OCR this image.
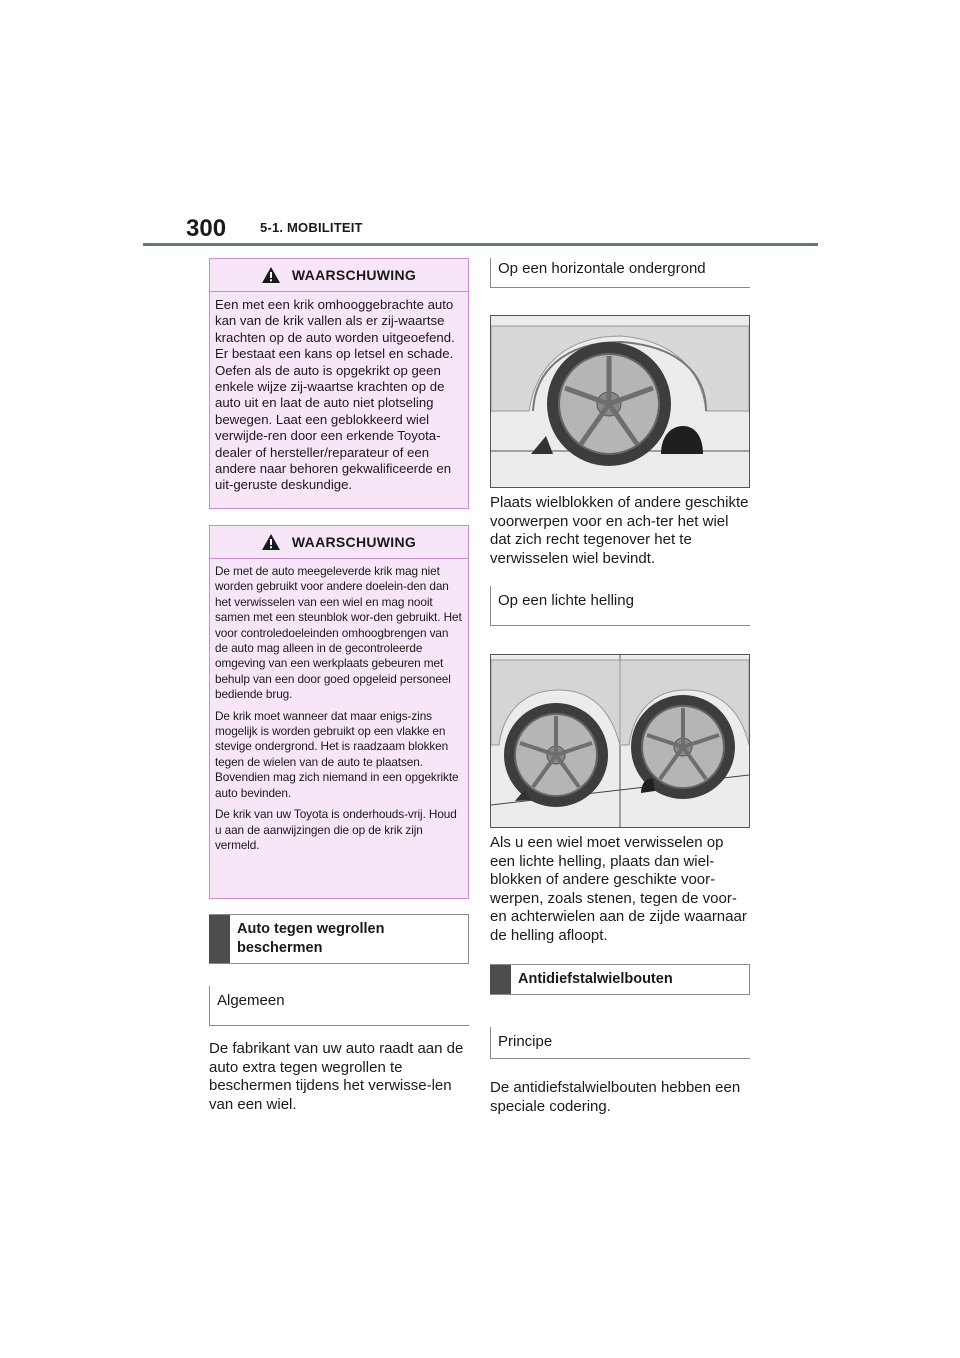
300	5-1. MOBILITEIT
WAARSCHUWING

Een met een krik omhooggebrachte auto kan van de krik vallen als er zij-waartse krachten op de auto worden uitgeoefend. Er bestaat een kans op letsel en schade. Oefen als de auto is opgekrikt op geen enkele wijze zij-waartse krachten op de auto uit en laat de auto niet plotseling bewegen. Laat een geblokkeerd wiel verwijde-ren door een erkende Toyota-dealer of hersteller/reparateur of een andere naar behoren gekwalificeerde en uit-geruste deskundige.

WAARSCHUWING

De met de auto meegeleverde krik mag niet worden gebruikt voor andere doelein-den dan het verwisselen van een wiel en mag nooit samen met een steunblok wor-den gebruikt. Het voor controledoeleinden omhoogbrengen van de auto mag alleen in de gecontroleerde omgeving van een werkplaats gebeuren met behulp van een door goed opgeleid personeel bediende brug.

De krik moet wanneer dat maar enigs-zins mogelijk is worden gebruikt op een vlakke en stevige ondergrond. Het is raadzaam blokken tegen de wielen van de auto te plaatsen. Bovendien mag zich niemand in een opgekrikte auto bevinden.

De krik van uw Toyota is onderhouds-vrij. Houd u aan de aanwijzingen die op de krik zijn vermeld.

Auto tegen wegrollen beschermen
Algemeen

De fabrikant van uw auto raadt aan de auto extra tegen wegrollen te beschermen tijdens het verwisse-len van een wiel.

Op een horizontale ondergrond

Plaats wielblokken of andere geschikte voorwerpen voor en ach-ter het wiel dat zich recht tegenover het te verwisselen wiel bevindt.

Op een lichte helling

Als u een wiel moet verwisselen op een lichte helling, plaats dan wiel-blokken of andere geschikte voor-werpen, zoals stenen, tegen de voor- en achterwielen aan de zijde waarnaar de helling afloopt.

Antidiefstalwielbouten
Principe

De antidiefstalwielbouten hebben een speciale codering.
